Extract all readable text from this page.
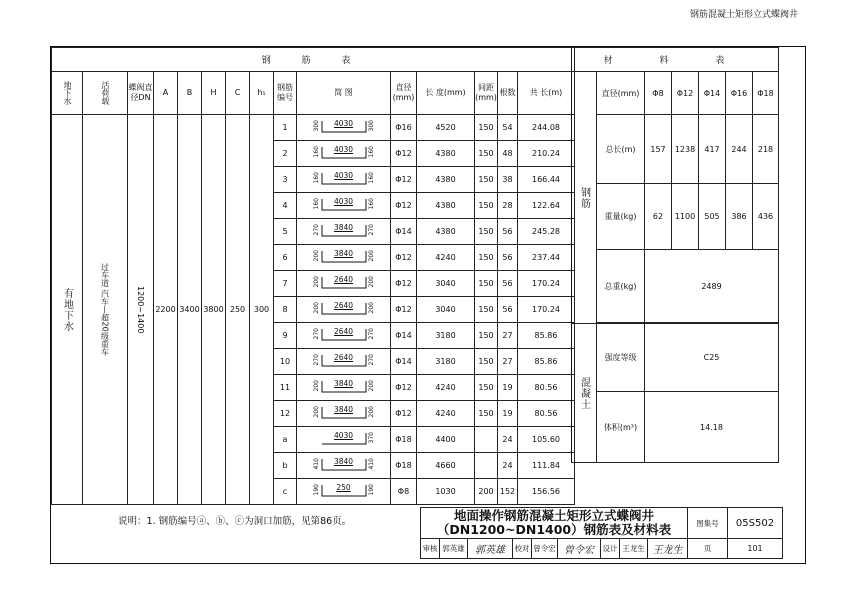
钢筋混凝土矩形立式蝶阀井
钢 筋 表														

地下水	活荷载	蝶阀直径DN	A	B	H	C	h₁	钢筋编号	简 图	直径(mm)	长 度(mm)	间距(mm)	根数	共 长(m)

有地下水	过车道 汽车—超20级重车	1200~1400	2200	3400	3800	250	300	1	300 4030 300	Φ16	4520	150	54	244.08
								2	160 4030 160	Φ12	4380	150	48	210.24
								3	160 4030 160	Φ12	4380	150	38	166.44
								4	160 4030 160	Φ12	4380	150	28	122.64
								5	270 3840 270	Φ14	4380	150	56	245.28
								6	200 3840 200	Φ12	4240	150	56	237.44
								7	200 2640 200	Φ12	3040	150	56	170.24
								8	200 2640 200	Φ12	3040	150	56	170.24
								9	270 2640 270	Φ14	3180	150	27	85.86
								10	270 2640 270	Φ14	3180	150	27	85.86
								11	200 3840 200	Φ12	4240	150	19	80.56
								12	200 3840 200	Φ12	4240	150	19	80.56
								a	4030 370	Φ18	4400		24	105.60
								b	410 3840 410	Φ18	4660		24	111.84
								c	190 250 190	Φ8	1030	200	152	156.56
材 料 表						

钢筋	直径(mm)	Φ8	Φ12	Φ14	Φ16	Φ18
	总长(m)	157	1238	417	244	218
	重量(kg)	62	1100	505	386	436
	总重(kg)	2489				

混凝土	强度等级	C25				
	体积(m³)	14.18				
说明：1. 钢筋编号ⓐ、ⓑ、ⓒ为洞口加筋，见第86页。	地面操作钢筋混凝土矩形立式蝶阀井
（DN1200~DN1400）钢筋表及材料表									图集号	05S502

审核	郭英雄	郭英雄	校对	曾令宏	曾令宏	设计	王龙生	王龙生	页	101
